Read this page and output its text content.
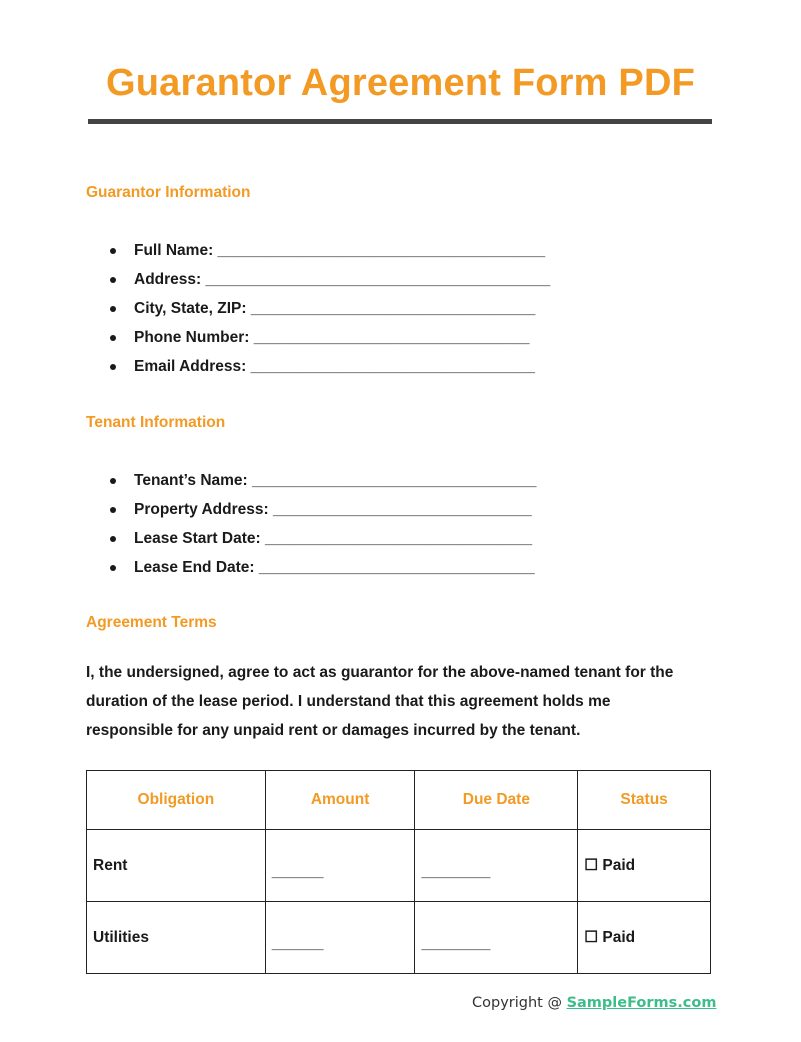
Guarantor Agreement Form PDF
Guarantor Information
Full Name: ______________________________________
Address: ________________________________________
City, State, ZIP: _________________________________
Phone Number: ________________________________
Email Address: _________________________________
Tenant Information
Tenant’s Name: _________________________________
Property Address: ______________________________
Lease Start Date: _______________________________
Lease End Date: ________________________________
Agreement Terms
I, the undersigned, agree to act as guarantor for the above-named tenant for the
duration of the lease period. I understand that this agreement holds me
responsible for any unpaid rent or damages incurred by the tenant.
Obligation	Amount	Due Date	Status
Rent	______	________	☐ Paid
Utilities	______	________	☐ Paid
Copyright @ SampleForms.com
